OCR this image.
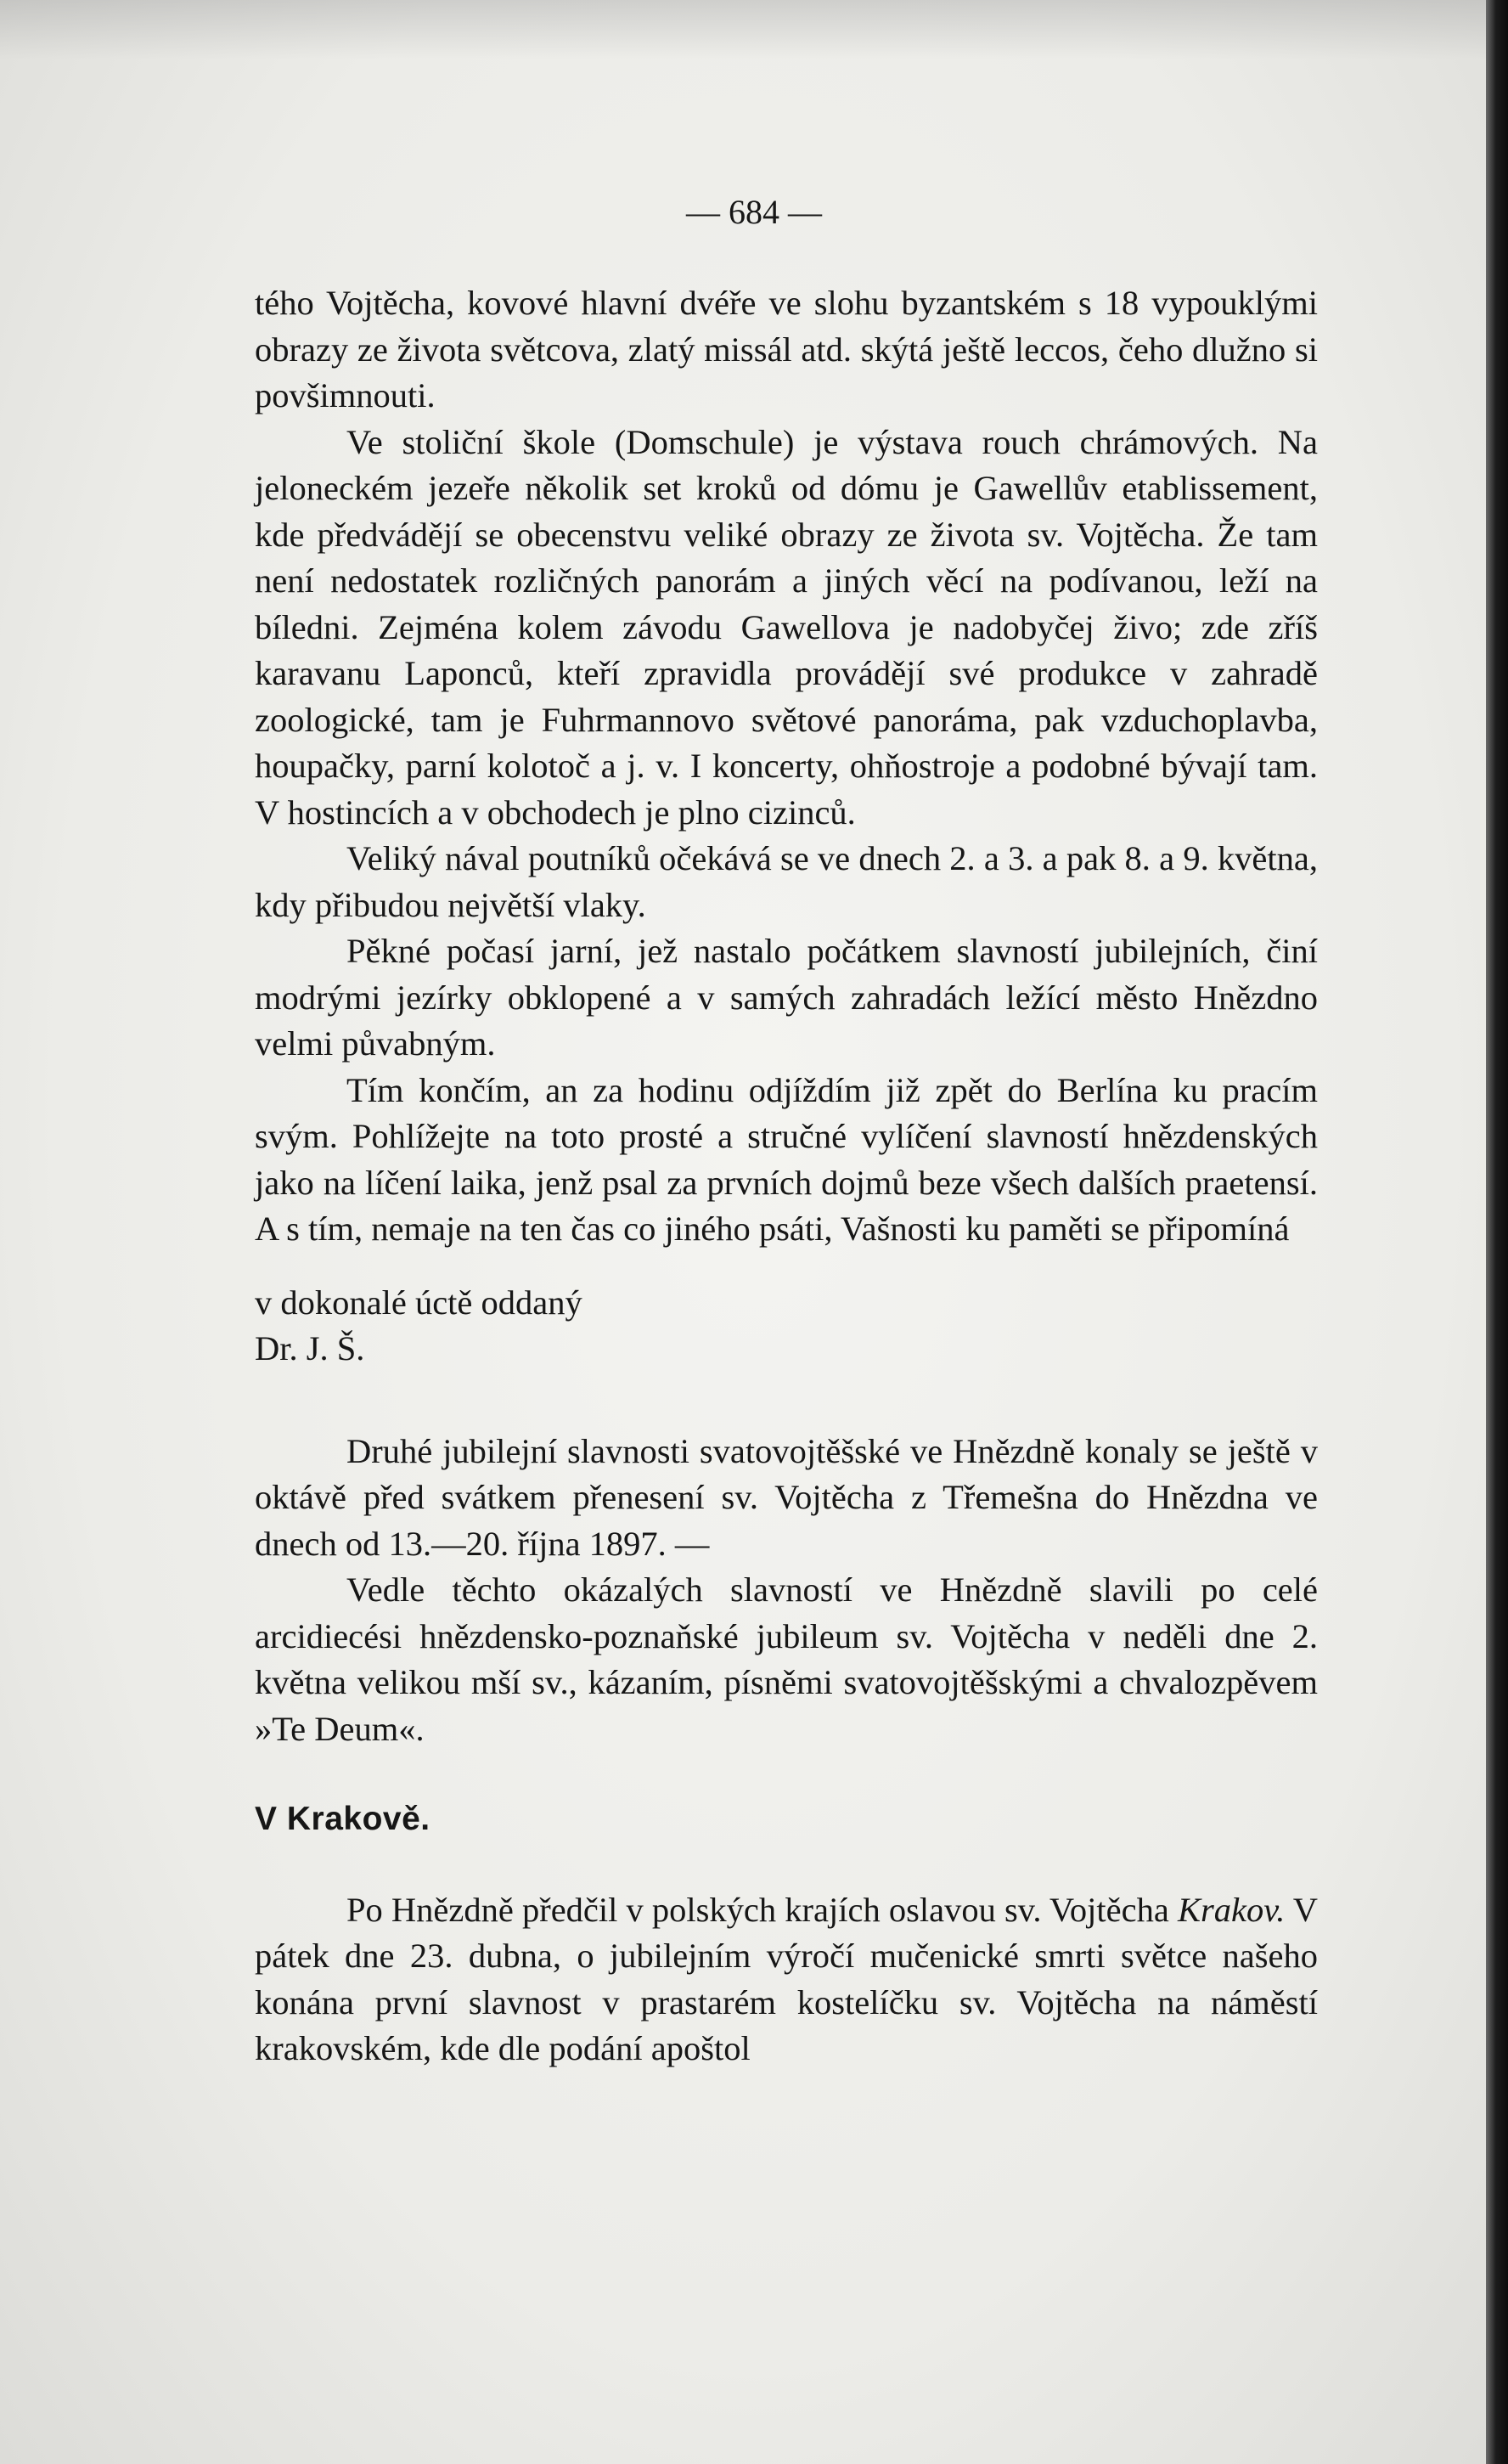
— 684 —

tého Vojtěcha, kovové hlavní dvéře ve slohu byzantském s 18 vypouklými obrazy ze života světcova, zlatý missál atd. skýtá ještě leccos, čeho dlužno si povšimnouti.

Ve stoliční škole (Domschule) je výstava rouch chrámových. Na jeloneckém jezeře několik set kroků od dómu je Gawellův etablissement, kde předvádějí se obecenstvu veliké obrazy ze života sv. Vojtěcha. Že tam není nedostatek rozličných panorám a jiných věcí na podívanou, leží na bíledni. Zejména kolem závodu Gawellova je nadobyčej živo; zde zříš karavanu Laponců, kteří zpravidla provádějí své produkce v zahradě zoologické, tam je Fuhrmannovo světové panoráma, pak vzduchoplavba, houpačky, parní kolotoč a j. v. I koncerty, ohňostroje a podobné bývají tam. V hostincích a v obchodech je plno cizinců.

Veliký nával poutníků očekává se ve dnech 2. a 3. a pak 8. a 9. května, kdy přibudou největší vlaky.

Pěkné počasí jarní, jež nastalo počátkem slavností jubilejních, činí modrými jezírky obklopené a v samých zahradách ležící město Hnězdno velmi půvabným.

Tím končím, an za hodinu odjíždím již zpět do Berlína ku pracím svým. Pohlížejte na toto prosté a stručné vylíčení slavností hnězdenských jako na líčení laika, jenž psal za prvních dojmů beze všech dalších praetensí. A s tím, nemaje na ten čas co jiného psáti, Vašnosti ku paměti se připomíná

v dokonalé úctě oddaný

Dr. J. Š.

Druhé jubilejní slavnosti svatovojtěšské ve Hnězdně konaly se ještě v oktávě před svátkem přenesení sv. Vojtěcha z Třemešna do Hnězdna ve dnech od 13.—20. října 1897. —

Vedle těchto okázalých slavností ve Hnězdně slavili po celé arcidiecési hnězdensko-poznaňské jubileum sv. Vojtěcha v neděli dne 2. května velikou mší sv., kázaním, písněmi svatovojtěšskými a chvalozpěvem »Te Deum«.

V Krakově.

Po Hnězdně předčil v polských krajích oslavou sv. Vojtěcha Krakov. V pátek dne 23. dubna, o jubilejním výročí mučenické smrti světce našeho konána první slavnost v prastarém kostelíčku sv. Vojtěcha na náměstí krakovském, kde dle podání apoštol
